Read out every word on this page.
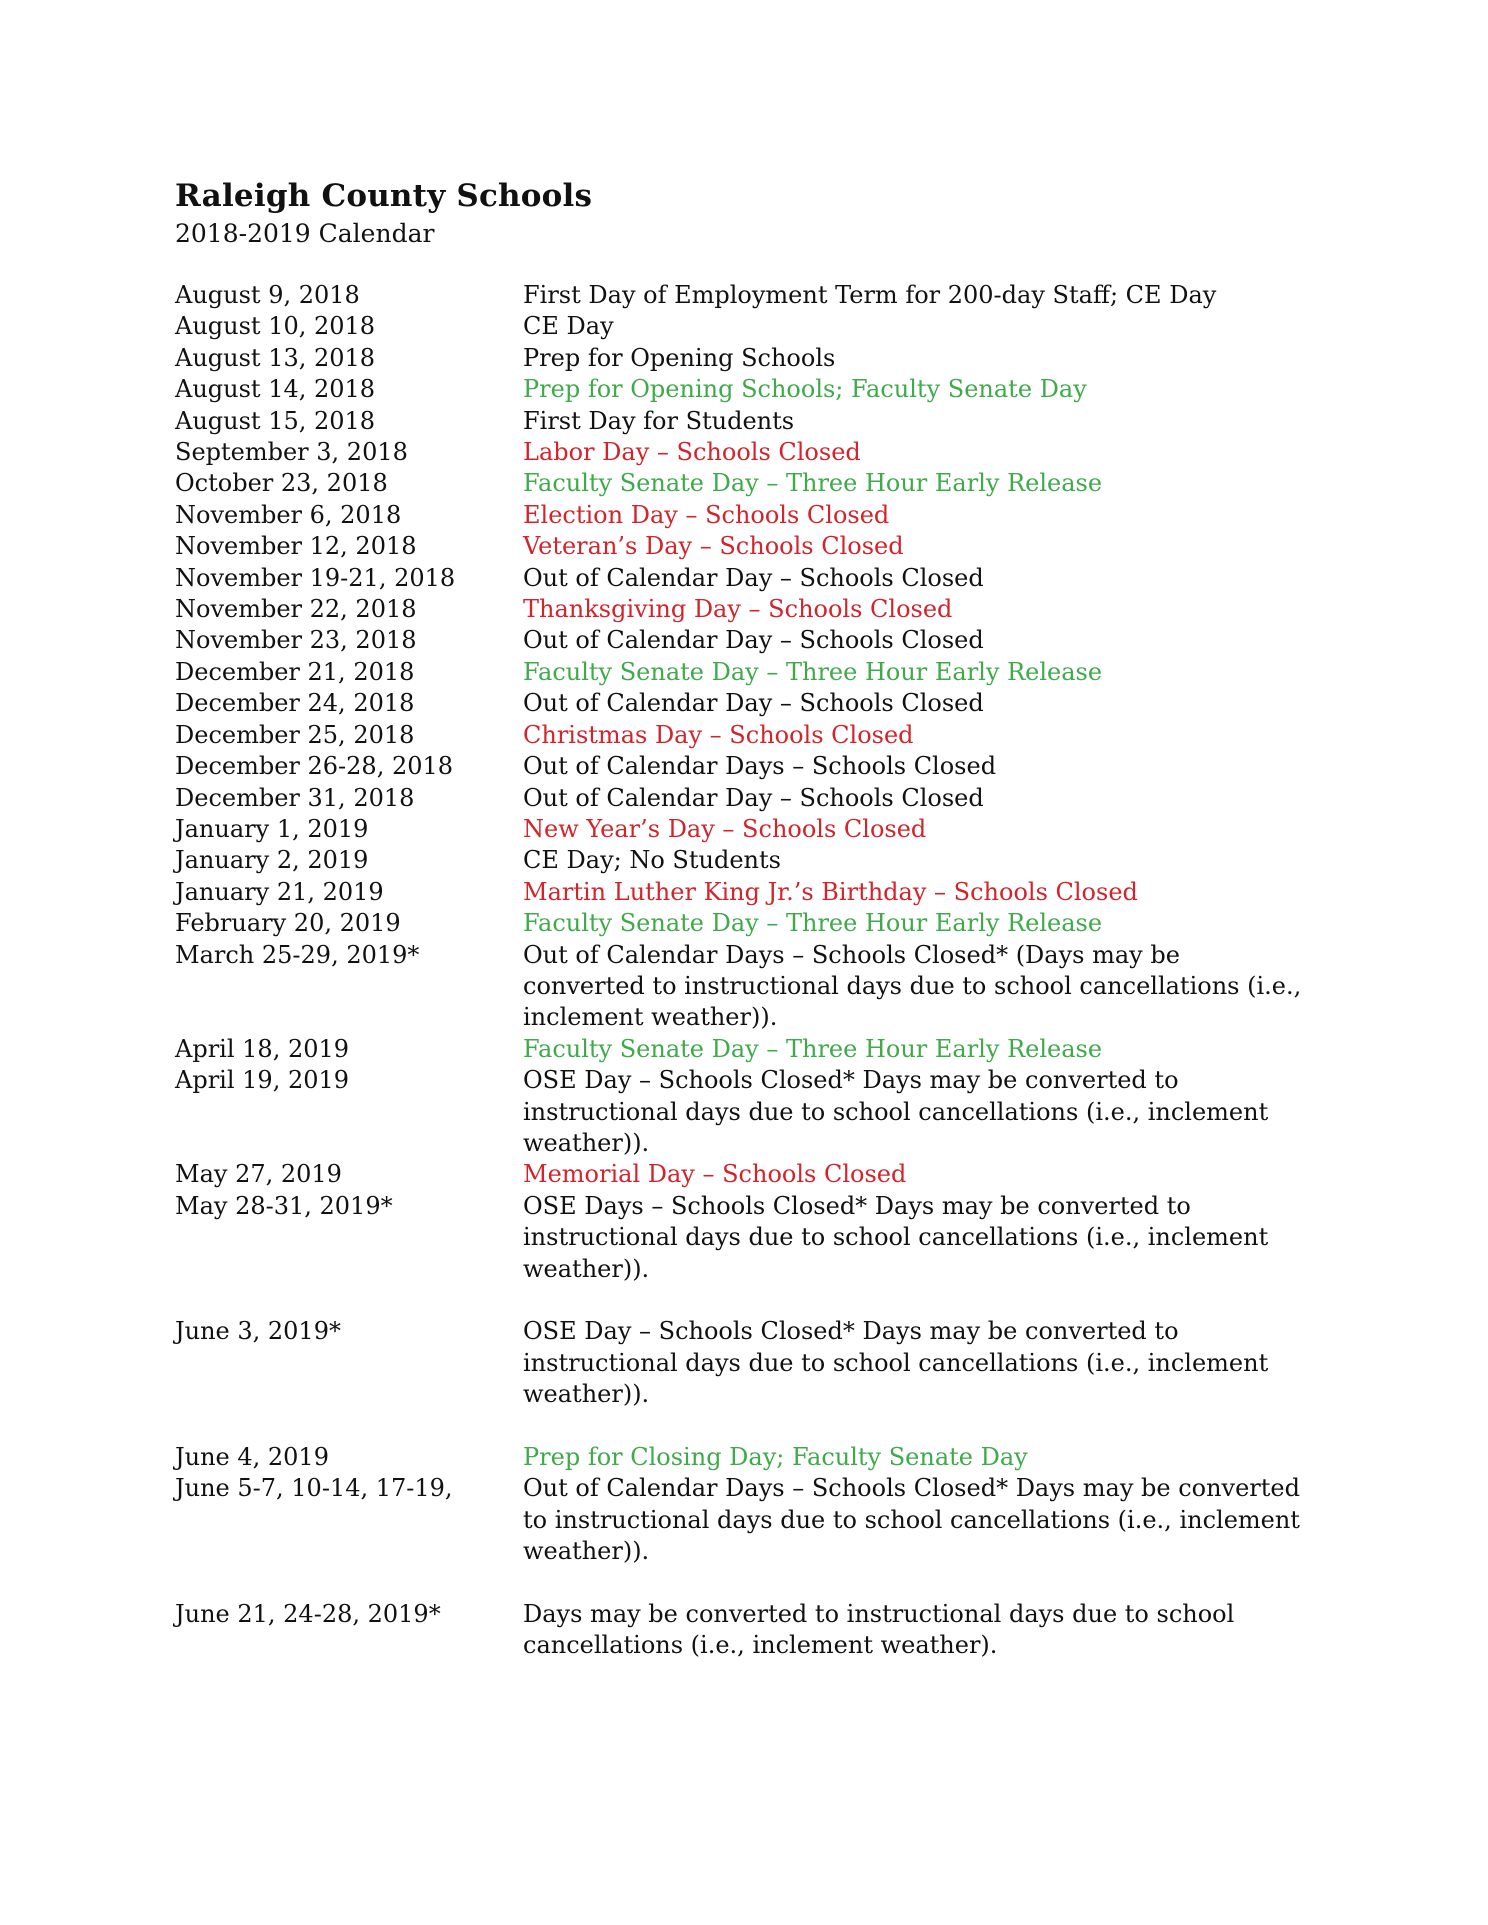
Raleigh County Schools
2018-2019 Calendar
August 9, 2018	First Day of Employment Term for 200-day Staff; CE Day
August 10, 2018	CE Day
August 13, 2018	Prep for Opening Schools
August 14, 2018	Prep for Opening Schools; Faculty Senate Day
August 15, 2018	First Day for Students
September 3, 2018	Labor Day – Schools Closed
October 23, 2018	Faculty Senate Day – Three Hour Early Release
November 6, 2018	Election Day – Schools Closed
November 12, 2018	Veteran’s Day – Schools Closed
November 19-21, 2018	Out of Calendar Day – Schools Closed
November 22, 2018	Thanksgiving Day – Schools Closed
November 23, 2018	Out of Calendar Day – Schools Closed
December 21, 2018	Faculty Senate Day – Three Hour Early Release
December 24, 2018	Out of Calendar Day – Schools Closed
December 25, 2018	Christmas Day – Schools Closed
December 26-28, 2018	Out of Calendar Days – Schools Closed
December 31, 2018	Out of Calendar Day – Schools Closed
January 1, 2019	New Year’s Day – Schools Closed
January 2, 2019	CE Day; No Students
January 21, 2019	Martin Luther King Jr.’s Birthday – Schools Closed
February 20, 2019	Faculty Senate Day – Three Hour Early Release
March 25-29, 2019*	Out of Calendar Days – Schools Closed* (Days may be converted to instructional days due to school cancellations (i.e., inclement weather)).
April 18, 2019	Faculty Senate Day – Three Hour Early Release
April 19, 2019	OSE Day – Schools Closed* Days may be converted to instructional days due to school cancellations (i.e., inclement weather)).
May 27, 2019	Memorial Day – Schools Closed
May 28-31, 2019*	OSE Days – Schools Closed* Days may be converted to instructional days due to school cancellations (i.e., inclement weather)).
June 3, 2019*	OSE Day – Schools Closed* Days may be converted to instructional days due to school cancellations (i.e., inclement weather)).
June 4, 2019	Prep for Closing Day; Faculty Senate Day
June 5-7, 10-14, 17-19,	Out of Calendar Days – Schools Closed* Days may be converted to instructional days due to school cancellations (i.e., inclement weather)).
June 21, 24-28, 2019*	Days may be converted to instructional days due to school cancellations (i.e., inclement weather).
